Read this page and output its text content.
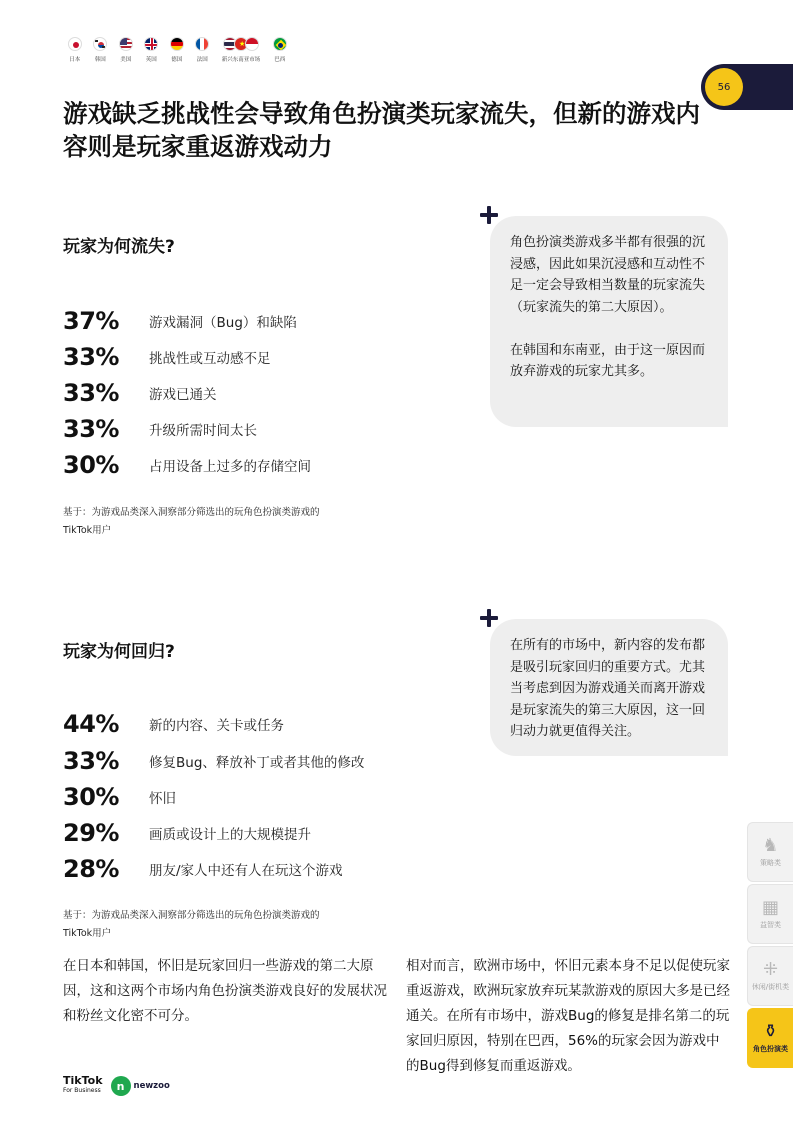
日本	韩国	美国	英国	德国	法国
★
新兴东南亚市场	巴西
56
游戏缺乏挑战性会导致角色扮演类玩家流失，但新的游戏内容则是玩家重返游戏动力
玩家为何流失?
37%	游戏漏洞（Bug）和缺陷
33%	挑战性或互动感不足
33%	游戏已通关
33%	升级所需时间太长
30%	占用设备上过多的存储空间
基于：为游戏品类深入洞察部分筛选出的玩角色扮演类游戏的
TikTok用户

角色扮演类游戏多半都有很强的沉浸感，因此如果沉浸感和互动性不足一定会导致相当数量的玩家流失（玩家流失的第二大原因）。

在韩国和东南亚，由于这一原因而放弃游戏的玩家尤其多。

玩家为何回归?
44%	新的内容、关卡或任务
33%	修复Bug、释放补丁或者其他的修改
30%	怀旧
29%	画质或设计上的大规模提升
28%	朋友/家人中还有人在玩这个游戏
基于：为游戏品类深入洞察部分筛选出的玩角色扮演类游戏的
TikTok用户

在所有的市场中，新内容的发布都是吸引玩家回归的重要方式。尤其当考虑到因为游戏通关而离开游戏是玩家流失的第三大原因，这一回归动力就更值得关注。

在日本和韩国，怀旧是玩家回归一些游戏的第二大原因，这和这两个市场内角色扮演类游戏良好的发展状况和粉丝文化密不可分。
相对而言，欧洲市场中，怀旧元素本身不足以促使玩家重返游戏，欧洲玩家放弃玩某款游戏的原因大多是已经通关。在所有市场中，游戏Bug的修复是排名第二的玩家回归原因，特别在巴西，56%的玩家会因为游戏中的Bug得到修复而重返游戏。
♞
策略类
▦
益智类
⁜
休闲/街机类
⚱
角色扮演类
TikTok
For Business	n	newzoo
